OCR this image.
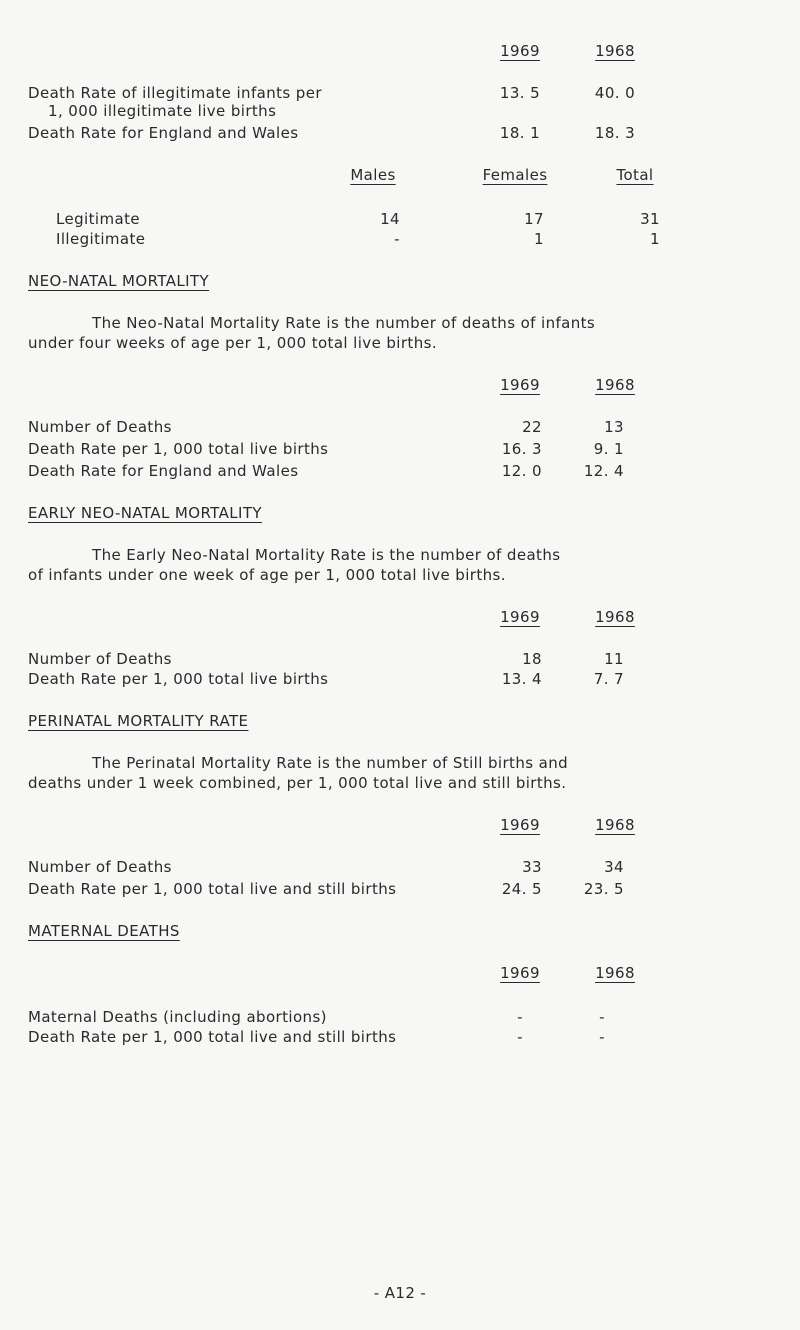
1969	1968
Death Rate of illegitimate infants per
1, 000 illegitimate live births
13. 5	40. 0
Death Rate for England and Wales	18. 1	18. 3
Males	Females	Total
Legitimate	14	17	31
Illegitimate	-	1	1
NEO-NATAL MORTALITY
The Neo-Natal Mortality Rate is the number of deaths of infants
under four weeks of age per 1, 000 total live births.
1969	1968
Number of Deaths	22	13
Death Rate per 1, 000 total live births	16. 3	9. 1
Death Rate for England and Wales	12. 0	12. 4
EARLY NEO-NATAL MORTALITY
The Early Neo-Natal Mortality Rate is the number of deaths
of infants under one week of age per 1, 000 total live births.
1969	1968
Number of Deaths	18	11
Death Rate per 1, 000 total live births	13. 4	7. 7
PERINATAL MORTALITY RATE
The Perinatal Mortality Rate is the number of Still births and
deaths under 1 week combined, per 1, 000 total live and still births.
1969	1968
Number of Deaths	33	34
Death Rate per 1, 000 total live and still births	24. 5	23. 5
MATERNAL DEATHS
1969	1968
Maternal Deaths (including abortions)	-	-
Death Rate per 1, 000 total live and still births	-	-
- A12 -
